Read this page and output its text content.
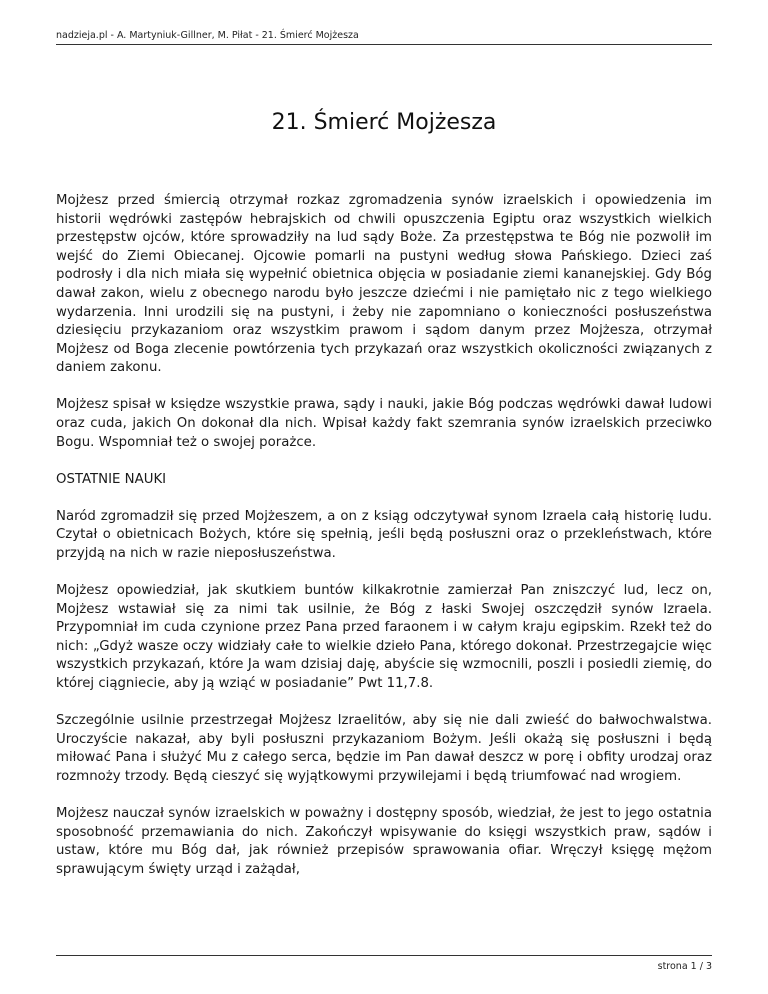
nadzieja.pl - A. Martyniuk-Gillner, M. Piłat - 21. Śmierć Mojżesza
21. Śmierć Mojżesza

Mojżesz przed śmiercią otrzymał rozkaz zgromadzenia synów izraelskich i opowiedzenia im historii wędrówki zastępów hebrajskich od chwili opuszczenia Egiptu oraz wszystkich wielkich przestępstw ojców, które sprowadziły na lud sądy Boże. Za przestępstwa te Bóg nie pozwolił im wejść do Ziemi Obiecanej. Ojcowie pomarli na pustyni według słowa Pańskiego. Dzieci zaś podrosły i dla nich miała się wypełnić obietnica objęcia w posiadanie ziemi kananejskiej. Gdy Bóg dawał zakon, wielu z obecnego narodu było jeszcze dziećmi i nie pamiętało nic z tego wielkiego wydarzenia. Inni urodzili się na pustyni, i żeby nie zapomniano o konieczności posłuszeństwa dziesięciu przykazaniom oraz wszystkim prawom i sądom danym przez Mojżesza, otrzymał Mojżesz od Boga zlecenie powtórzenia tych przykazań oraz wszystkich okoliczności związanych z daniem zakonu.

Mojżesz spisał w księdze wszystkie prawa, sądy i nauki, jakie Bóg podczas wędrówki dawał ludowi oraz cuda, jakich On dokonał dla nich. Wpisał każdy fakt szemrania synów izraelskich przeciwko Bogu. Wspomniał też o swojej porażce.

OSTATNIE NAUKI

Naród zgromadził się przed Mojżeszem, a on z ksiąg odczytywał synom Izraela całą historię ludu. Czytał o obietnicach Bożych, które się spełnią, jeśli będą posłuszni oraz o przekleństwach, które przyjdą na nich w razie nieposłuszeństwa.

Mojżesz opowiedział, jak skutkiem buntów kilkakrotnie zamierzał Pan zniszczyć lud, lecz on, Mojżesz wstawiał się za nimi tak usilnie, że Bóg z łaski Swojej oszczędził synów Izraela. Przypomniał im cuda czynione przez Pana przed faraonem i w całym kraju egipskim. Rzekł też do nich: „Gdyż wasze oczy widziały całe to wielkie dzieło Pana, którego dokonał. Przestrzegajcie więc wszystkich przykazań, które Ja wam dzisiaj daję, abyście się wzmocnili, poszli i posiedli ziemię, do której ciągniecie, aby ją wziąć w posiadanie” Pwt 11,7.8.

Szczególnie usilnie przestrzegał Mojżesz Izraelitów, aby się nie dali zwieść do bałwochwalstwa. Uroczyście nakazał, aby byli posłuszni przykazaniom Bożym. Jeśli okażą się posłuszni i będą miłować Pana i służyć Mu z całego serca, będzie im Pan dawał deszcz w porę i obfity urodzaj oraz rozmnoży trzody. Będą cieszyć się wyjątkowymi przywilejami i będą triumfować nad wrogiem.

Mojżesz nauczał synów izraelskich w poważny i dostępny sposób, wiedział, że jest to jego ostatnia sposobność przemawiania do nich. Zakończył wpisywanie do księgi wszystkich praw, sądów i ustaw, które mu Bóg dał, jak również przepisów sprawowania ofiar. Wręczył księgę mężom sprawującym święty urząd i zażądał,

strona 1 / 3
